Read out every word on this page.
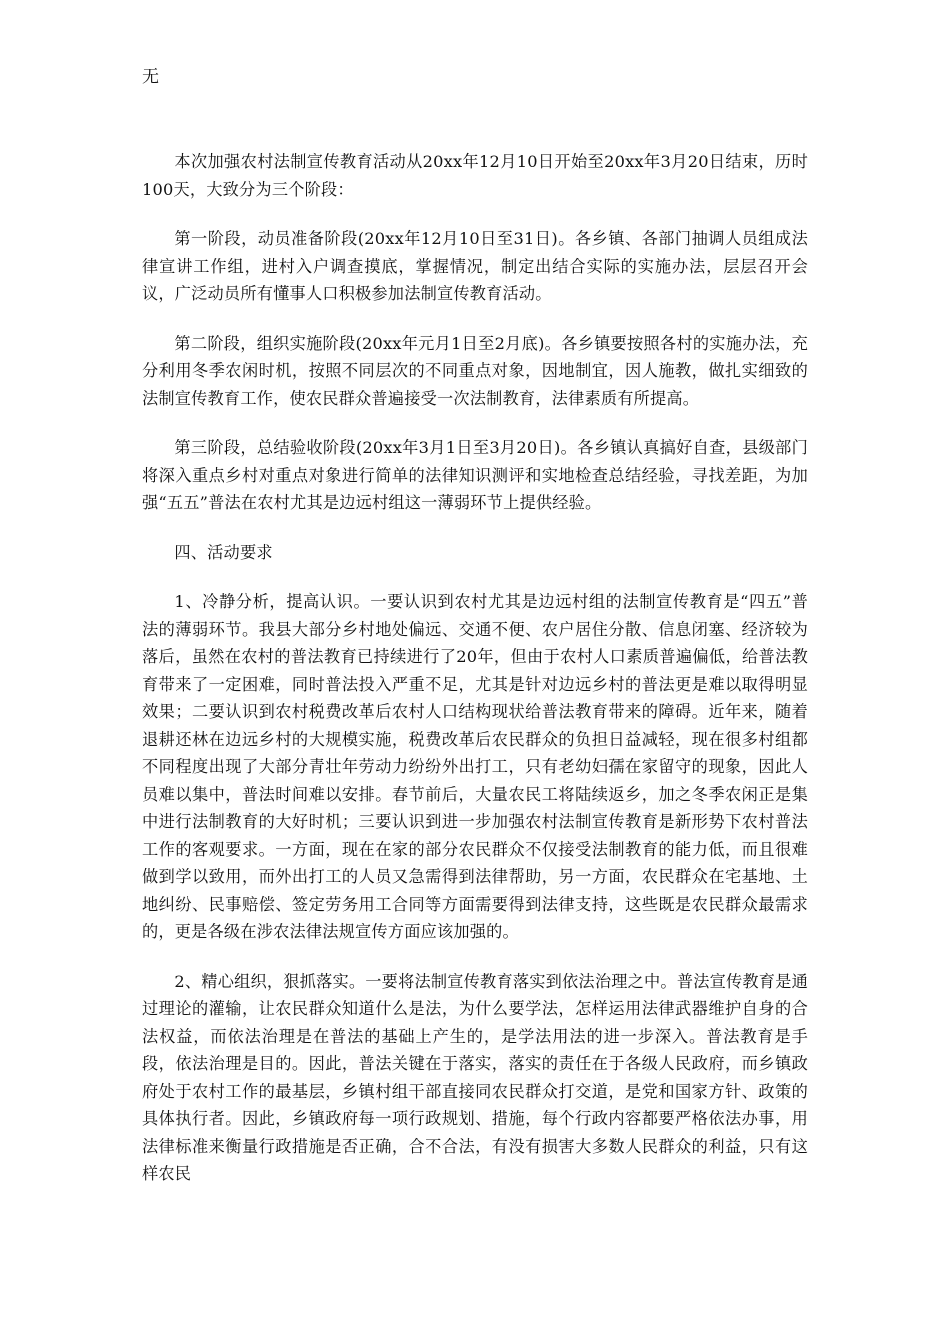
无

本次加强农村法制宣传教育活动从20xx年12月10日开始至20xx年3月20日结束，历时100天，大致分为三个阶段：

第一阶段，动员准备阶段(20xx年12月10日至31日)。各乡镇、各部门抽调人员组成法律宣讲工作组，进村入户调查摸底，掌握情况，制定出结合实际的实施办法，层层召开会议，广泛动员所有懂事人口积极参加法制宣传教育活动。

第二阶段，组织实施阶段(20xx年元月1日至2月底)。各乡镇要按照各村的实施办法，充分利用冬季农闲时机，按照不同层次的不同重点对象，因地制宜，因人施教，做扎实细致的法制宣传教育工作，使农民群众普遍接受一次法制教育，法律素质有所提高。

第三阶段，总结验收阶段(20xx年3月1日至3月20日)。各乡镇认真搞好自查，县级部门将深入重点乡村对重点对象进行简单的法律知识测评和实地检查总结经验，寻找差距，为加强“五五”普法在农村尤其是边远村组这一薄弱环节上提供经验。

四、活动要求

1、冷静分析，提高认识。一要认识到农村尤其是边远村组的法制宣传教育是“四五”普法的薄弱环节。我县大部分乡村地处偏远、交通不便、农户居住分散、信息闭塞、经济较为落后，虽然在农村的普法教育已持续进行了20年，但由于农村人口素质普遍偏低，给普法教育带来了一定困难，同时普法投入严重不足，尤其是针对边远乡村的普法更是难以取得明显效果；二要认识到农村税费改革后农村人口结构现状给普法教育带来的障碍。近年来，随着退耕还林在边远乡村的大规模实施，税费改革后农民群众的负担日益减轻，现在很多村组都不同程度出现了大部分青壮年劳动力纷纷外出打工，只有老幼妇孺在家留守的现象，因此人员难以集中，普法时间难以安排。春节前后，大量农民工将陆续返乡，加之冬季农闲正是集中进行法制教育的大好时机；三要认识到进一步加强农村法制宣传教育是新形势下农村普法工作的客观要求。一方面，现在在家的部分农民群众不仅接受法制教育的能力低，而且很难做到学以致用，而外出打工的人员又急需得到法律帮助，另一方面，农民群众在宅基地、土地纠纷、民事赔偿、签定劳务用工合同等方面需要得到法律支持，这些既是农民群众最需求的，更是各级在涉农法律法规宣传方面应该加强的。

2、精心组织，狠抓落实。一要将法制宣传教育落实到依法治理之中。普法宣传教育是通过理论的灌输，让农民群众知道什么是法，为什么要学法，怎样运用法律武器维护自身的合法权益，而依法治理是在普法的基础上产生的，是学法用法的进一步深入。普法教育是手段，依法治理是目的。因此，普法关键在于落实，落实的责任在于各级人民政府，而乡镇政府处于农村工作的最基层，乡镇村组干部直接同农民群众打交道，是党和国家方针、政策的具体执行者。因此，乡镇政府每一项行政规划、措施，每个行政内容都要严格依法办事，用法律标准来衡量行政措施是否正确，合不合法，有没有损害大多数人民群众的利益，只有这样农民
